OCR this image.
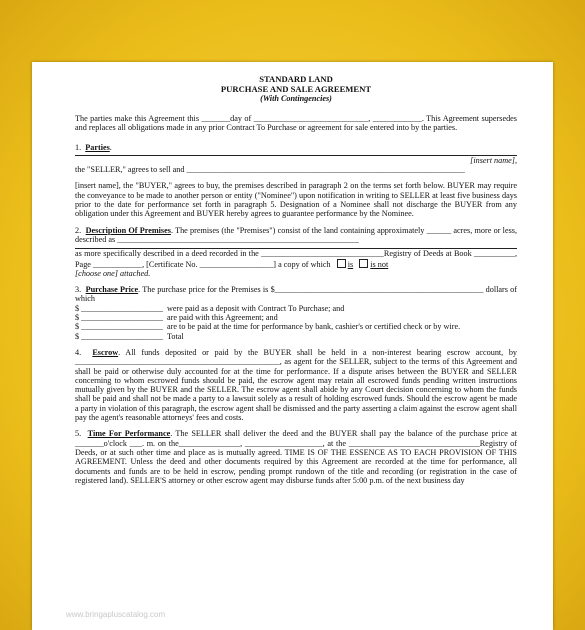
STANDARD LAND
PURCHASE AND SALE AGREEMENT
(With Contingencies)

The parties make this Agreement this _______day of ____________________________, ____________. This Agreement supersedes and replaces all obligations made in any prior Contract To Purchase or agreement for sale entered into by the parties.

1. Parties.

[insert name],

the "SELLER," agrees to sell and ____________________________________________________________________

[insert name], the "BUYER," agrees to buy, the premises described in paragraph 2 on the terms set forth below. BUYER may require the conveyance to be made to another person or entity ("Nominee") upon notification in writing to SELLER at least five business days prior to the date for performance set forth in paragraph 5. Designation of a Nominee shall not discharge the BUYER from any obligation under this Agreement and BUYER hereby agrees to guarantee performance by the Nominee.

2. Description Of Premises. The premises (the "Premises") consist of the land containing approximately ______ acres, more or less, described as ___________________________________________________________

as more specifically described in a deed recorded in the ______________________________Registry of Deeds at Book __________, Page ____________, [Certificate No. __________________] a copy of which is is not

[choose one] attached.

3. Purchase Price. The purchase price for the Premises is $___________________________________________________ dollars of which

$ ____________________ were paid as a deposit with Contract To Purchase; and
$ ____________________ are paid with this Agreement; and
$ ____________________ are to be paid at the time for performance by bank, cashier's or certified check or by wire.
$ ____________________ Total

4. Escrow. All funds deposited or paid by the BUYER shall be held in a non-interest bearing escrow account, by __________________________________________________, as agent for the SELLER, subject to the terms of this Agreement and shall be paid or otherwise duly accounted for at the time for performance. If a dispute arises between the BUYER and SELLER concerning to whom escrowed funds should be paid, the escrow agent may retain all escrowed funds pending written instructions mutually given by the BUYER and the SELLER. The escrow agent shall abide by any Court decision concerning to whom the funds shall be paid and shall not be made a party to a lawsuit solely as a result of holding escrowed funds. Should the escrow agent be made a party in violation of this paragraph, the escrow agent shall be dismissed and the party asserting a claim against the escrow agent shall pay the agent's reasonable attorneys' fees and costs.

5. Time For Performance. The SELLER shall deliver the deed and the BUYER shall pay the balance of the purchase price at _______o'clock ___. m. on the_______________, ___________________, at the ________________________________Registry of Deeds, or at such other time and place as is mutually agreed. TIME IS OF THE ESSENCE AS TO EACH PROVISION OF THIS AGREEMENT. Unless the deed and other documents required by this Agreement are recorded at the time for performance, all documents and funds are to be held in escrow, pending prompt rundown of the title and recording (or registration in the case of registered land). SELLER'S attorney or other escrow agent may disburse funds after 5:00 p.m. of the next business day

www.bringapluscatalog.com
